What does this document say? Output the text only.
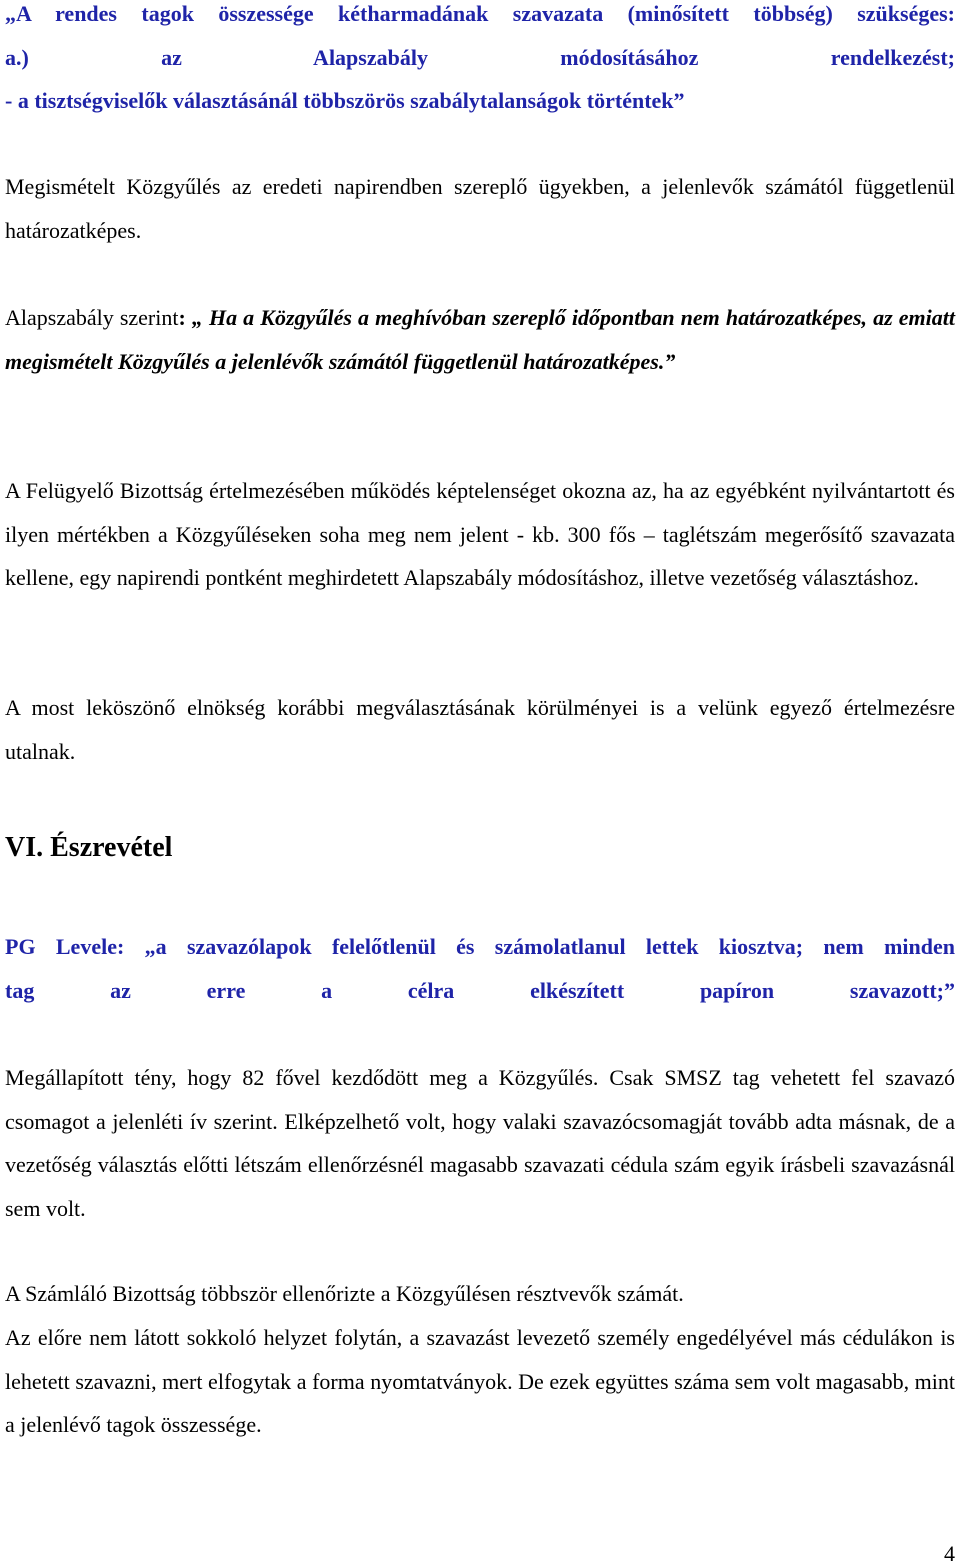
„A rendes tagok összessége kétharmadának szavazata (minősített többség) szükséges:
a.) az Alapszabály módosításához rendelkezést;
- a tisztségviselők választásánál többszörös szabálytalanságok történtek”

Megismételt Közgyűlés az eredeti napirendben szereplő ügyekben, a jelenlevők számától függetlenül határozatképes.

Alapszabály szerint: „ Ha a Közgyűlés a meghívóban szereplő időpontban nem határozatképes, az emiatt megismételt Közgyűlés a jelenlévők számától függetlenül határozatképes.”

A Felügyelő Bizottság értelmezésében működés képtelenséget okozna az, ha az egyébként nyilvántartott és ilyen mértékben a Közgyűléseken soha meg nem jelent - kb. 300 fős – taglétszám megerősítő szavazata kellene, egy napirendi pontként meghirdetett Alapszabály módosításhoz, illetve vezetőség választáshoz.

A most leköszönő elnökség korábbi megválasztásának körülményei is a velünk egyező értelmezésre utalnak.

VI. Észrevétel
PG Levele: „a szavazólapok felelőtlenül és számolatlanul lettek kiosztva; nem minden
tag az erre a célra elkészített papíron szavazott;”

Megállapított tény, hogy 82 fővel kezdődött meg a Közgyűlés. Csak SMSZ tag vehetett fel szavazó csomagot a jelenléti ív szerint. Elképzelhető volt, hogy valaki szavazócsomagját tovább adta másnak, de a vezetőség választás előtti létszám ellenőrzésnél magasabb szavazati cédula szám egyik írásbeli szavazásnál sem volt.

A Számláló Bizottság többször ellenőrizte a Közgyűlésen résztvevők számát.

Az előre nem látott sokkoló helyzet folytán, a szavazást levezető személy engedélyével más cédulákon is lehetett szavazni, mert elfogytak a forma nyomtatványok. De ezek együttes száma sem volt magasabb, mint a jelenlévő tagok összessége.

4
